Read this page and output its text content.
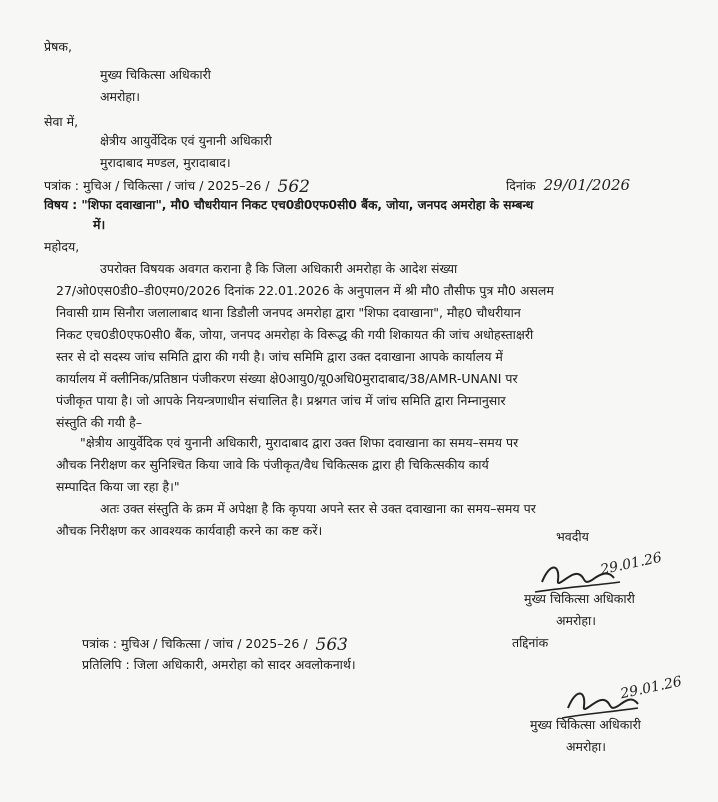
प्रेषक,
मुख्य चिकित्सा अधिकारी
अमरोहा।
सेवा में,
क्षेत्रीय आयुर्वेदिक एवं युनानी अधिकारी
मुरादाबाद मण्डल, मुरादाबाद।
पत्रांक : मुचिअ / चिकित्सा / जांच / 2025–26 / 562	दिनांक 29/01/2026
विषय : "शिफा दवाखाना", मौ0 चौधरीयान निकट एच0डी0एफ0सी0 बैंक, जोया, जनपद अमरोहा के सम्बन्ध
में।
महोदय,
उपरोक्त विषयक अवगत कराना है कि जिला अधिकारी अमरोहा के आदेश संख्या
27/ओ0एस0डी0–डी0एम0/2026 दिनांक 22.01.2026 के अनुपालन में श्री मौ0 तौसीफ पुत्र मौ0 असलम
निवासी ग्राम सिनौरा जलालाबाद थाना डिडौली जनपद अमरोहा द्वारा "शिफा दवाखाना", मौह0 चौधरीयान
निकट एच0डी0एफ0सी0 बैंक, जोया, जनपद अमरोहा के विरूद्ध की गयी शिकायत की जांच अधोहस्ताक्षरी
स्तर से दो सदस्य जांच समिति द्वारा की गयी है। जांच समिमि द्वारा उक्त दवाखाना आपके कार्यालय में
कार्यालय में क्लीनिक/प्रतिष्ठान पंजीकरण संख्या क्षे0आयु0/यू0अधि0मुरादाबाद/38/AMR-UNANI पर
पंजीकृत पाया है। जो आपके नियन्त्रणाधीन संचालित है। प्रश्नगत जांच में जांच समिति द्वारा निम्नानुसार
संस्तुति की गयी है–
"क्षेत्रीय आयुर्वेदिक एवं युनानी अधिकारी, मुरादाबाद द्वारा उक्त शिफा दवाखाना का समय–समय पर
औचक निरीक्षण कर सुनिश्चित किया जावे कि पंजीकृत/वैध चिकित्सक द्वारा ही चिकित्सकीय कार्य
सम्पादित किया जा रहा है।"
अतः उक्त संस्तुति के क्रम में अपेक्षा है कि कृपया अपने स्तर से उक्त दवाखाना का समय–समय पर
औचक निरीक्षण कर आवश्यक कार्यवाही करने का कष्ट करें।	भवदीय
29.01.26
मुख्य चिकित्सा अधिकारी
अमरोहा।
तद्दिनांक
पत्रांक : मुचिअ / चिकित्सा / जांच / 2025–26 / 563
प्रतिलिपि : जिला अधिकारी, अमरोहा को सादर अवलोकनार्थ।
29.01.26
मुख्य चिकित्सा अधिकारी
अमरोहा।
